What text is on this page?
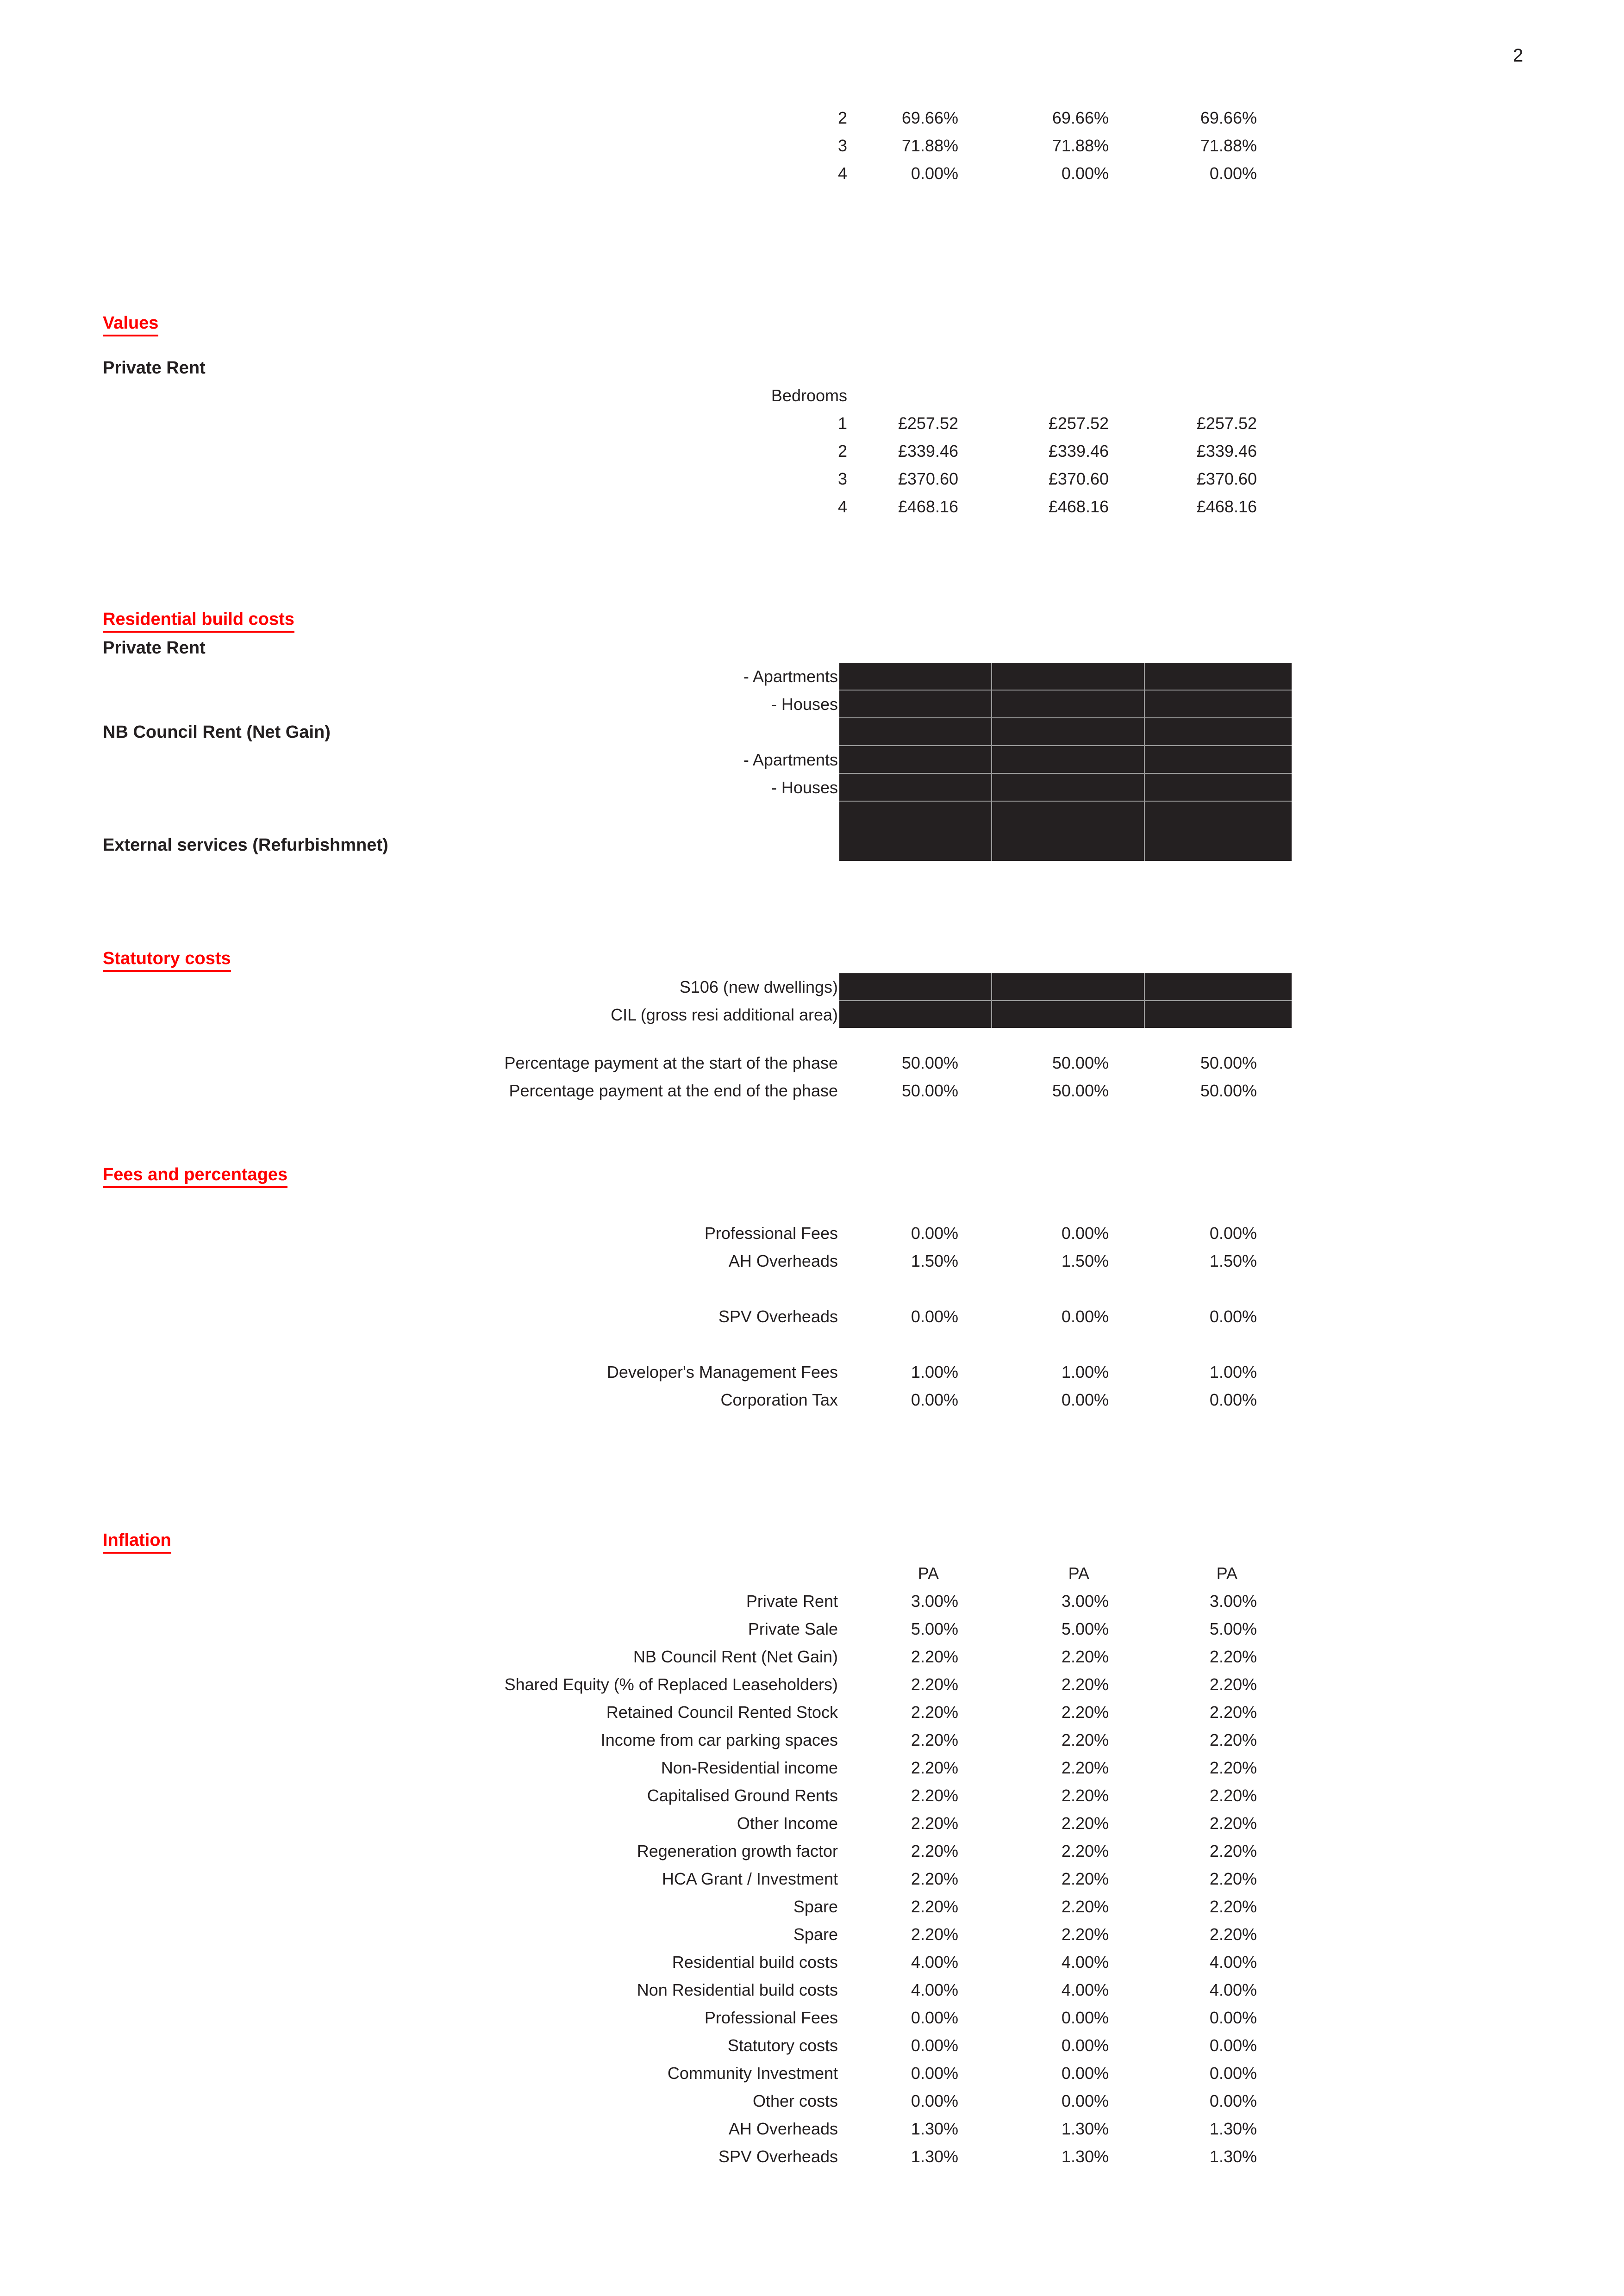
2
2	69.66%	69.66%	69.66%
3	71.88%	71.88%	71.88%
4	0.00%	0.00%	0.00%
Values
Private Rent
Bedrooms
1	£257.52	£257.52	£257.52
2	£339.46	£339.46	£339.46
3	£370.60	£370.60	£370.60
4	£468.16	£468.16	£468.16
Residential build costs
Private Rent
- Apartments
- Houses
- Apartments
- Houses
NB Council Rent (Net Gain)
External services (Refurbishmnet)
Statutory costs
S106 (new dwellings)
CIL (gross resi additional area)
Percentage payment at the start of the phase	50.00%	50.00%	50.00%
Percentage payment at the end of the phase	50.00%	50.00%	50.00%
Fees and percentages
Professional Fees	0.00%	0.00%	0.00%
AH Overheads	1.50%	1.50%	1.50%
SPV Overheads	0.00%	0.00%	0.00%
Developer's Management Fees	1.00%	1.00%	1.00%
Corporation Tax	0.00%	0.00%	0.00%
Inflation
PA	PA	PA
Private Rent	3.00%	3.00%	3.00%
Private Sale	5.00%	5.00%	5.00%
NB Council Rent (Net Gain)	2.20%	2.20%	2.20%
Shared Equity (% of Replaced Leaseholders)	2.20%	2.20%	2.20%
Retained Council Rented Stock	2.20%	2.20%	2.20%
Income from car parking spaces	2.20%	2.20%	2.20%
Non-Residential income	2.20%	2.20%	2.20%
Capitalised Ground Rents	2.20%	2.20%	2.20%
Other Income	2.20%	2.20%	2.20%
Regeneration growth factor	2.20%	2.20%	2.20%
HCA Grant / Investment	2.20%	2.20%	2.20%
Spare	2.20%	2.20%	2.20%
Spare	2.20%	2.20%	2.20%
Residential build costs	4.00%	4.00%	4.00%
Non Residential build costs	4.00%	4.00%	4.00%
Professional Fees	0.00%	0.00%	0.00%
Statutory costs	0.00%	0.00%	0.00%
Community Investment	0.00%	0.00%	0.00%
Other costs	0.00%	0.00%	0.00%
AH Overheads	1.30%	1.30%	1.30%
SPV Overheads	1.30%	1.30%	1.30%
